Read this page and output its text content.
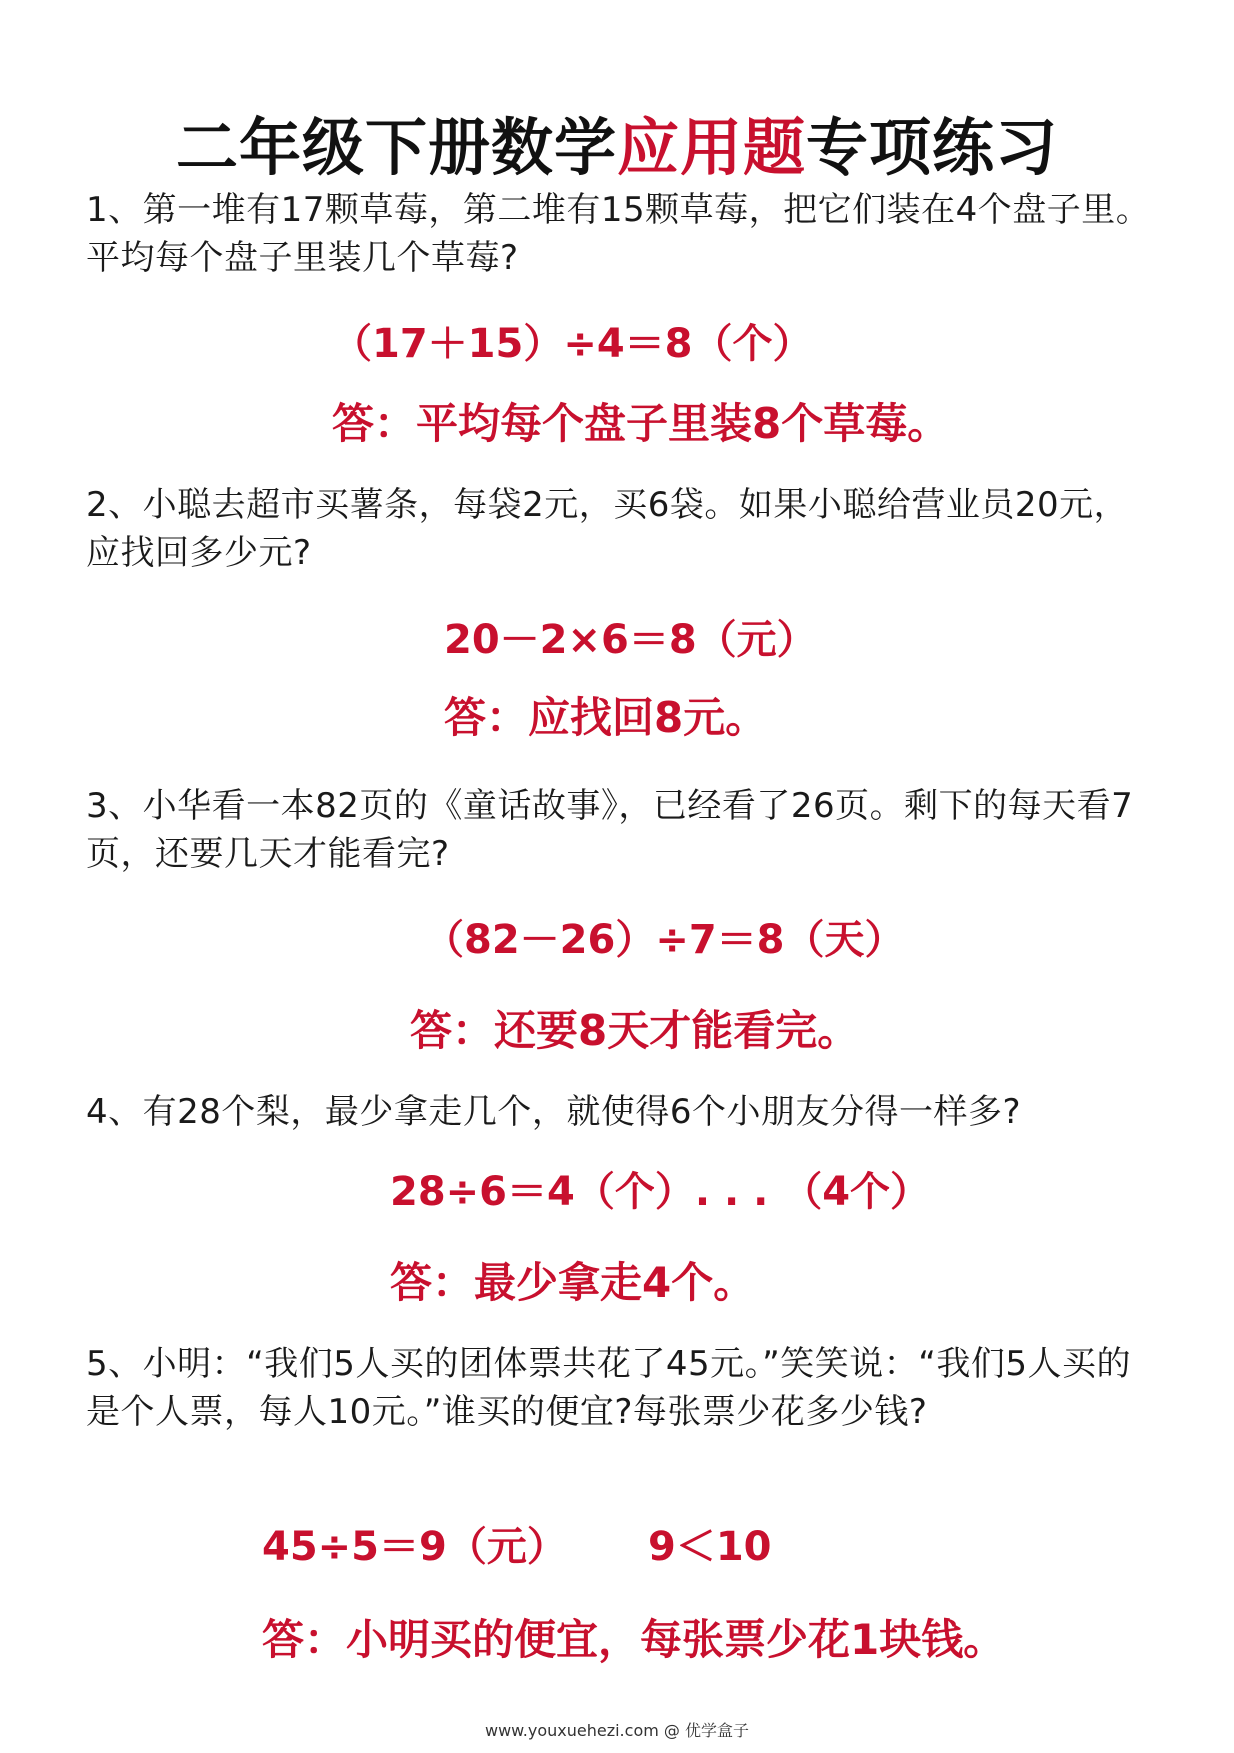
二年级下册数学应用题专项练习
1、第一堆有17颗草莓，第二堆有15颗草莓，把它们装在4个盘子里。平均每个盘子里装几个草莓?
（17＋15）÷4＝8（个）
答：平均每个盘子里装8个草莓。
2、小聪去超市买薯条，每袋2元，买6袋。如果小聪给营业员20元，应找回多少元?
20－2×6＝8（元）
答：应找回8元。
3、小华看一本82页的《童话故事》，已经看了26页。剩下的每天看7页，还要几天才能看完?
（82－26）÷7＝8（天）
答：还要8天才能看完。
4、有28个梨，最少拿走几个，就使得6个小朋友分得一样多?
28÷6＝4（个）. . . （4个）
答：最少拿走4个。
5、小明：“我们5人买的团体票共花了45元。”笑笑说：“我们5人买的是个人票，每人10元。”谁买的便宜?每张票少花多少钱?
45÷5＝9（元） 9＜10
答：小明买的便宜，每张票少花1块钱。
www.youxuehezi.com @ 优学盒子
